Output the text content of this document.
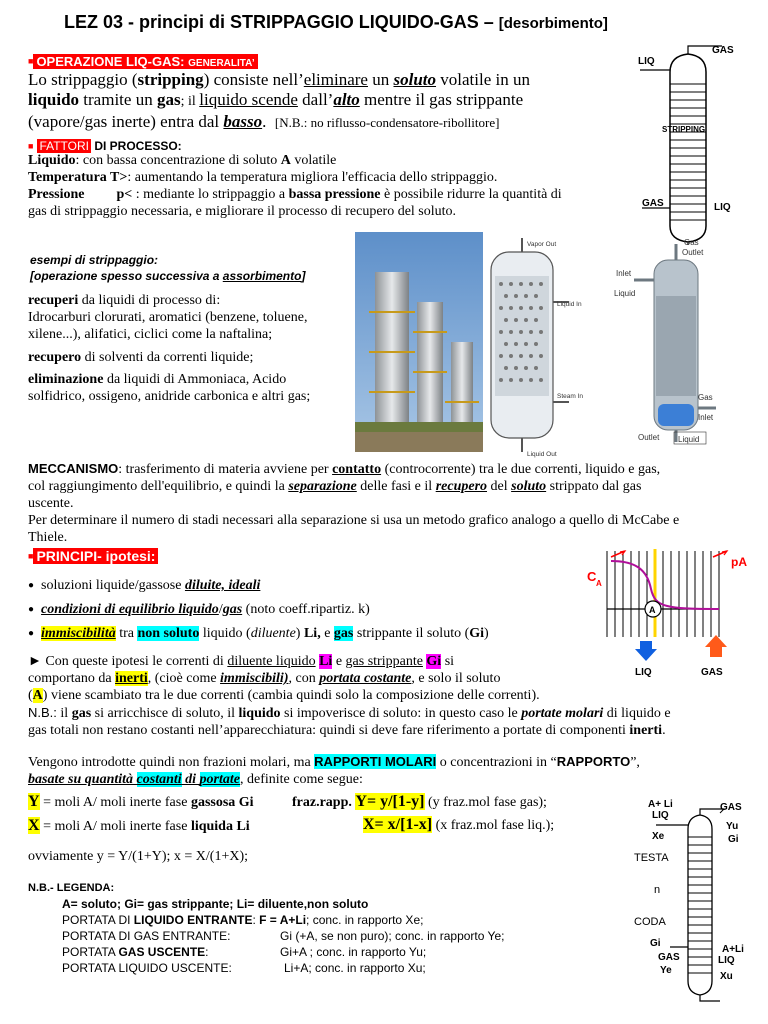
LEZ 03 - principi di STRIPPAGGIO LIQUIDO-GAS – [desorbimento]
■ OPERAZIONE LIQ-GAS: GENERALITA’
Lo strippaggio (stripping) consiste nell’eliminare un soluto volatile in un
liquido tramite un gas; il liquido scende dall’alto mentre il gas strippante
(vapore/gas inerte) entra dal basso. [N.B.: no riflusso-condensatore-ribollitore]
■ FATTORI DI PROCESSO:
Liquido: con bassa concentrazione di soluto A volatile
Temperatura T>: aumentando la temperatura migliora l'efficacia dello strippaggio.
Pressione p< : mediante lo strippaggio a bassa pressione è possibile ridurre la quantità di
gas di strippaggio necessaria, e migliorare il processo di recupero del soluto.
LIQ
GAS
STRIPPING
GAS	LIQ
esempi di strippaggio:
[operazione spesso successiva a assorbimento]
recuperi da liquidi di processo di:
Idrocarburi clorurati, aromatici (benzene, toluene,
xilene...), alifatici, ciclici come la naftalina;
recupero di solventi da correnti liquide;
eliminazione da liquidi di Ammoniaca, Acido
solfidrico, ossigeno, anidride carbonica e altri gas;
Vapor Out
Liquid In
Steam In
Liquid Out
Gas
Outlet
Inlet
Liquid
Gas
Inlet
Outlet Liquid
MECCANISMO: trasferimento di materia avviene per contatto (controcorrente) tra le due correnti, liquido e gas,
col raggiungimento dell'equilibrio, e quindi la separazione delle fasi e il recupero del soluto strippato dal gas
uscente.
Per determinare il numero di stadi necessari alla separazione si usa un metodo grafico analogo a quello di McCabe e
Thiele.
■ PRINCIPI- ipotesi:
● soluzioni liquide/gassose diluite, ideali
● condizioni di equilibrio liquido/gas (noto coeff.ripartiz. k)
● immiscibilità tra non soluto liquido (diluente) Li, e gas strippante il soluto (Gi)
► Con queste ipotesi le correnti di diluente liquido Li e gas strippante Gi si
comportano da inerti, (cioè come immiscibili), con portata costante, e solo il soluto
(A) viene scambiato tra le due correnti (cambia quindi solo la composizione delle correnti).
N.B.: il gas si arricchisce di soluto, il liquido si impoverisce di soluto: in questo caso le portate molari di liquido e
gas totali non restano costanti nell’apparecchiatura: quindi si deve fare riferimento a portate di componenti inerti.
A
C A
pA
LIQ	GAS
Vengono introdotte quindi non frazioni molari, ma RAPPORTI MOLARI o concentrazioni in “RAPPORTO”,
basate su quantità costanti di portate, definite come segue:
Y = moli A/ moli inerte fase gassosa Gi
X = moli A/ moli inerte fase liquida Li
fraz.rapp. Y= y/[1-y] (y fraz.mol fase gas);
X= x/[1-x] (x fraz.mol fase liq.);
ovviamente y = Y/(1+Y); x = X/(1+X);
N.B.- LEGENDA:
A= soluto; Gi= gas strippante; Li= diluente,non soluto
PORTATA DI LIQUIDO ENTRANTE: F = A+Li; conc. in rapporto Xe;
PORTATA DI GAS ENTRANTE:	Gi (+A, se non puro); conc. in rapporto Ye;
PORTATA GAS USCENTE:	Gi+A ; conc. in rapporto Yu;
PORTATA LIQUIDO USCENTE:	Li+A; conc. in rapporto Xu;
A+ Li
LIQ
Xe
GAS
Yu
Gi
TESTA
n
CODA
Gi
GAS
Ye
A+Li
LIQ
Xu
